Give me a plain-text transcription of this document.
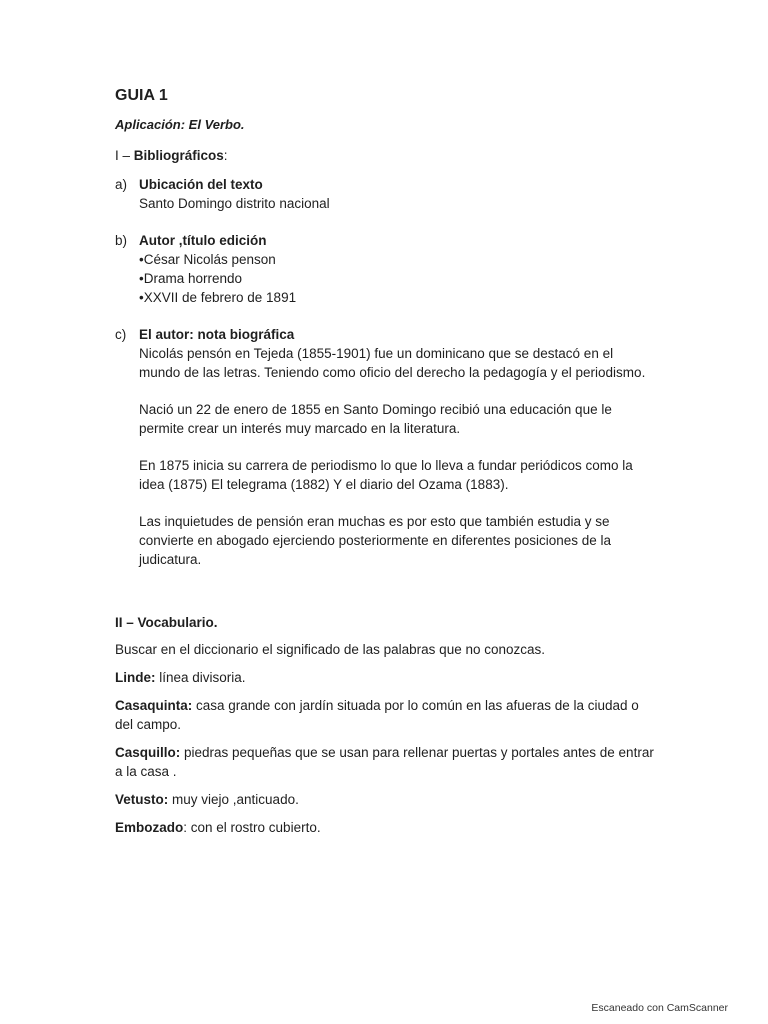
GUIA 1
Aplicación: El Verbo.
I – Bibliográficos:
a) Ubicación del texto

Santo Domingo distrito nacional

b) Autor ,título edición

•César Nicolás penson

•Drama horrendo

•XXVII de febrero de 1891

c) El autor: nota biográfica

Nicolás pensón en Tejeda (1855-1901) fue un dominicano que se destacó en el mundo de las letras. Teniendo como oficio del derecho la pedagogía y el periodismo.

Nació un 22 de enero de 1855 en Santo Domingo recibió una educación que le permite crear un interés muy marcado en la literatura.

En 1875 inicia su carrera de periodismo lo que lo lleva a fundar periódicos como la idea (1875) El telegrama (1882) Y el diario del Ozama (1883).

Las inquietudes de pensión eran muchas es por esto que también estudia y se convierte en abogado ejerciendo posteriormente en diferentes posiciones de la judicatura.

II – Vocabulario.
Buscar en el diccionario el significado de las palabras que no conozcas.
Linde: línea divisoria.
Casaquinta: casa grande con jardín situada por lo común en las afueras de la ciudad o del campo.
Casquillo: piedras pequeñas que se usan para rellenar puertas y portales antes de entrar a la casa .
Vetusto: muy viejo ,anticuado.
Embozado: con el rostro cubierto.
Escaneado con CamScanner
